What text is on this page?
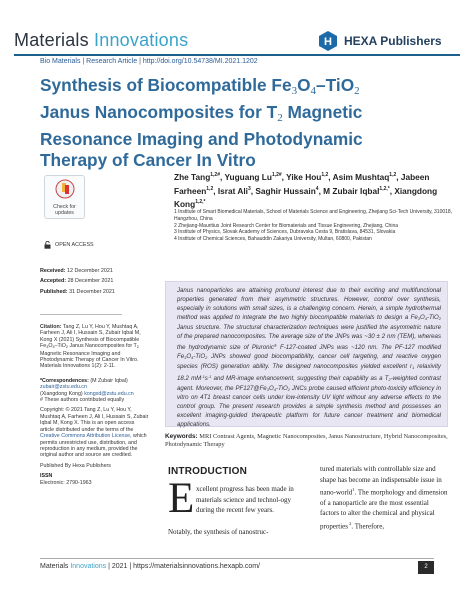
Materials Innovations	H HEXA Publishers
Bio Materials | Research Article | http://doi.org/10.54738/MI.2021.1202
Synthesis of Biocompatible $Fe_3O_4-TiO_2$
Janus Nanocomposites for $T_2$ Magnetic
Resonance Imaging and Photodynamic
Therapy of Cancer In Vitro
Check for
updates
OPEN ACCESS
Zhe Tang$^{1,2\#}$, Yuguang $Lu^{1,2\#}$, Yike Hou$^{1,2}$, Asim Mushtaq$^{1,2}$, Jabeen Farheen$^{1,2}$, Israt Ali$^3$, Saghir Hussain$^4$, M Zubair Iqbal$^{1,2,*}$, Xiangdong Kong$^{1,2,*}$
1 Institute of Smart Biomedical Materials, School of Materials Science and Engineering, Zhejiang Sci-Tech University, 310018, Hangzhou, China
2 Zhejiang-Mauritius Joint Research Center for Biomaterials and Tissue Engineering, Zhejiang, China
3 Institute of Physics, Slovak Academy of Sciences, Dubravska Cesta 9, Bratislava, 84531, Slovakia
4 Institute of Chemical Sciences, Bahauddin Zakariya University, Multan, 60800, Pakistan
Received: 12 December 2021
Accepted: 28 December 2021
Published: 31 December 2021

Citation: Tang Z, Lu Y, Hou Y, Mushtaq A, Farheen J, Ali I, Hussain S, Zubair Iqbal M, Kong X (2021) Synthesis of Biocompatible $Fe_3O_4-TiO_2$ Janus Nanocomposites for $T_2$ Magnetic Resonance Imaging and Photodynamic Therapy of Cancer In Vitro. Materials Innovations 1(2): 2-11.

*Correspondences: (M Zubair Iqbal)
zubair@zstu.edu.cn
(Xiangdong Kong) kongxd@zstu.edu.cn
# These authors contributed equally

Copyright: © 2021 Tang Z, Lu Y, Hou Y, Mushtaq A, Farheen J, Ali I, Hussain S, Zubair Iqbal M, Kong X. This is an open access article distributed under the terms of the Creative Commons Attribution License, which permits unrestricted use, distribution, and reproduction in any medium, provided the original author and source are credited.

Published By Hexa Publishers

ISSN
Electronic: 2790-1963

Janus nanoparticles are attaining profound interest due to their exciting and multifunctional properties generated from their asymmetric structures. However, control over synthesis, especially in solutions with small sizes, is a challenging concern. Herein, a simple hydrothermal method was applied to integrate the two highly biocompatible materials to design a $Fe_3O_4-TiO_2$ Janus structure. The structural characterization techniques were justified the asymmetric nature of the prepared nanocomposites. The average size of the JNPs was ~30 ± 2 nm (TEM), whereas the hydrodynamic size of Pluronic® F-127-coated JNPs was ~120 nm. The PF-127 modified $Fe_3O_4-TiO_2$ JNPs showed good biocompatibility, cancer cell targeting, and reactive oxygen species (ROS) generation ability. The designed nanocomposites yielded excellent $r_1$ relaxivity 18.2 $mM^{-1}s^{-1}$ and MR-image enhancement, suggesting their capability as a $T_2$-weighted contrast agent. Moreover, the $PF127@Fe_3O_4-TiO_2$ JNCs probe caused efficient photo-toxicity efficiency in vitro on 4T1 breast cancer cells under low-intensity UV light without any adverse effects to the control group. The present research provides a simple synthesis method and possesses an excellent imaging-guided therapeutic platform for future cancer treatment and biomedical applications.

Keywords: MRI Contrast Agents, Magnetic Nanocomposites, Janus Nanostructure, Hybrid Nanocomposites, Photodynamic Therapy
INTRODUCTION
E xcellent progress has been made in materials science and technol-ogy during the recent few years.
Notably, the synthesis of nanostruc-
tured materials with controllable size and shape has become an indispensable issue in nano-world$^1$. The morphology and dimension of a nanoparticle are the most essential factors to alter the chemical and physical properties $^2$. Therefore,
Materials Innovations | 2021 | https://materialsinnovations.hexapb.com/	2
